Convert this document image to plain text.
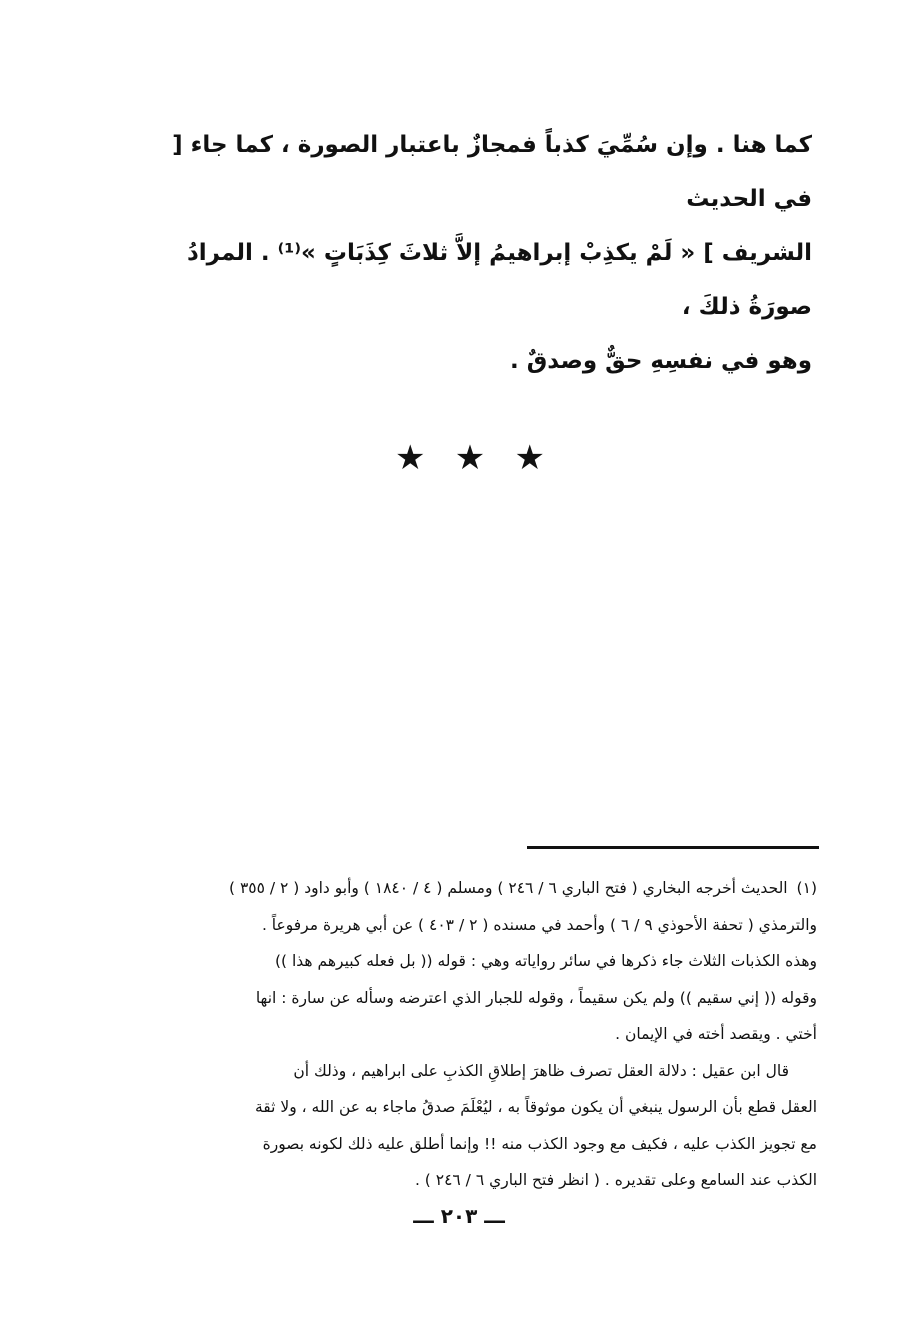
كما هنا . وإن سُمِّيَ كذباً فمجازٌ باعتبار الصورة ، كما جاء [ في الحديث

الشريف ] « لَمْ يكذِبْ إبراهيمُ إلاَّ ثلاثَ كِذَبَاتٍ »⁽¹⁾ . المرادُ صورَةُ ذلكَ ،

وهو في نفسِهِ حقٌّ وصدقٌ .

★ ★ ★

(١) الحديث أخرجه البخاري ( فتح الباري ٦ / ٢٤٦ ) ومسلم ( ٤ / ١٨٤٠ ) وأبو داود ( ٢ / ٣٥٥ )

والترمذي ( تحفة الأحوذي ٩ / ٦ ) وأحمد في مسنده ( ٢ / ٤٠٣ ) عن أبي هريرة مرفوعاً .

وهذه الكذبات الثلاث جاء ذكرها في سائر رواياته وهي : قوله (( بل فعله كبيرهم هذا ))

وقوله (( إني سقيم )) ولم يكن سقيماً ، وقوله للجبار الذي اعترضه وسأله عن سارة : انها

أختي . ويقصد أخته في الإيمان .

قال ابن عقيل : دلالة العقل تصرف ظاهرَ إطلاقِ الكذبِ على ابراهيم ، وذلك أن

العقل قطع بأن الرسول ينبغي أن يكون موثوقاً به ، ليُعْلَمَ صدقُ ماجاء به عن الله ، ولا ثقة

مع تجويز الكذب عليه ، فكيف مع وجود الكذب منه !! وإنما أطلق عليه ذلك لكونه بصورة

الكذب عند السامع وعلى تقديره . ( انظر فتح الباري ٦ / ٢٤٦ ) .

ـــ ٢٠٣ ـــ
